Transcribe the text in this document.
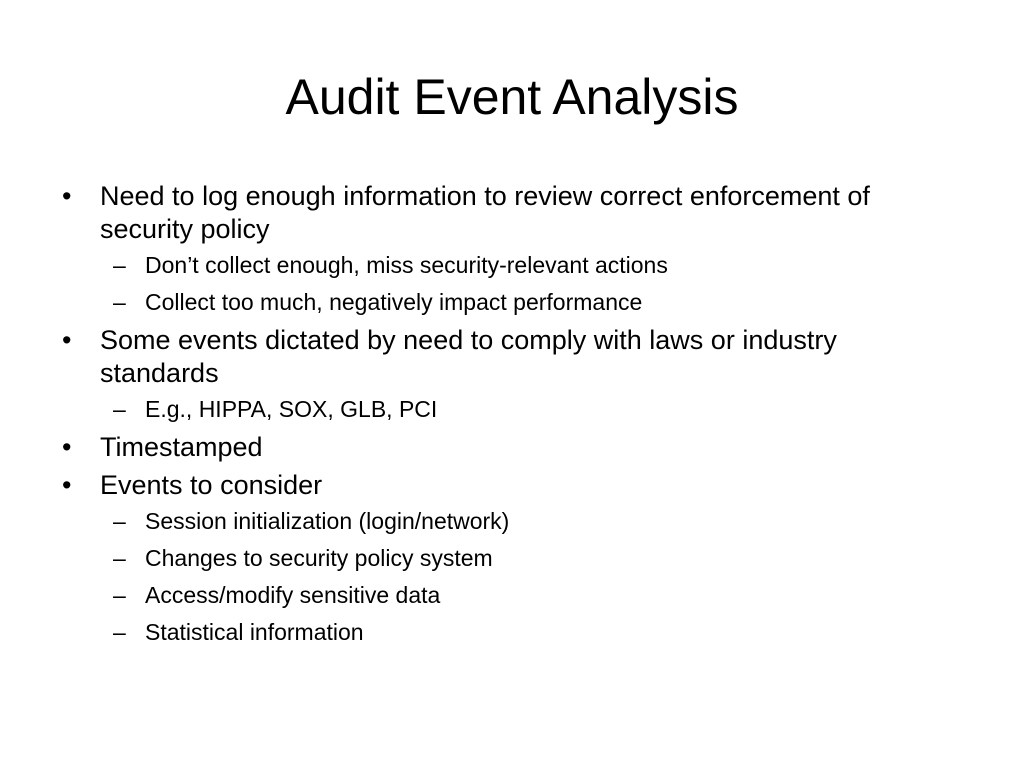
Audit Event Analysis
• Need to log enough information to review correct enforcement of security policy
– Don’t collect enough, miss security-relevant actions
– Collect too much, negatively impact performance
• Some events dictated by need to comply with laws or industry standards
– E.g., HIPPA, SOX, GLB, PCI
• Timestamped
• Events to consider
– Session initialization (login/network)
– Changes to security policy system
– Access/modify sensitive data
– Statistical information
